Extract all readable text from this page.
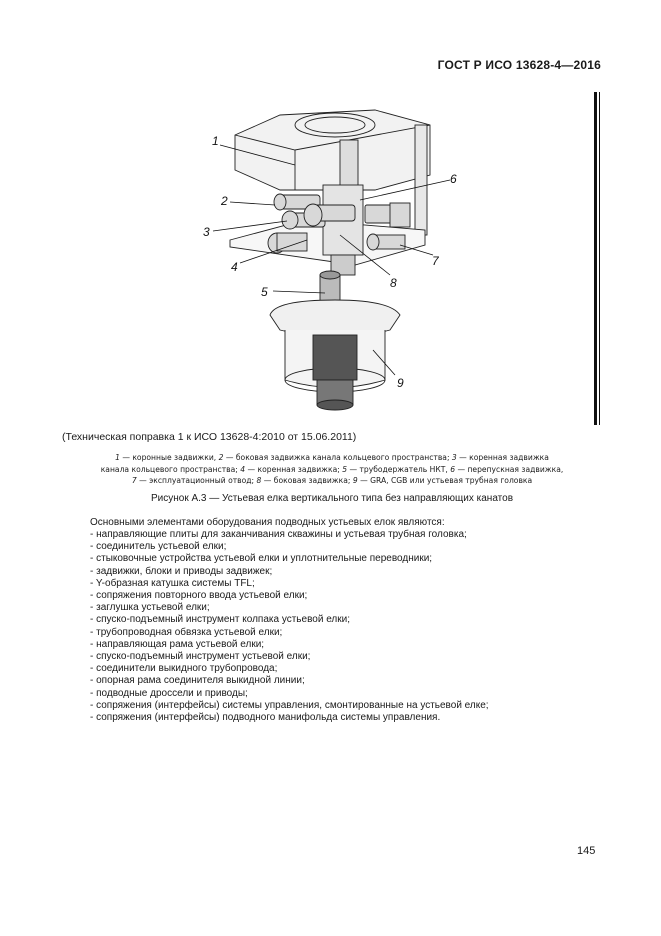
ГОСТ Р ИСО 13628-4—2016
1
2
3
4
5
6
7
8
9
(Техническая поправка 1 к ИСО 13628-4:2010 от 15.06.2011)
1 — коронные задвижки, 2 — боковая задвижка канала кольцевого пространства; 3 — коренная задвижка
канала кольцевого пространства; 4 — коренная задвижка; 5 — трубодержатель НКТ, 6 — перепускная задвижка,
7 — эксплуатационный отвод; 8 — боковая задвижка; 9 — GRA, CGB или устьевая трубная головка
Рисунок А.3 — Устьевая елка вертикального типа без направляющих канатов
Основными элементами оборудования подводных устьевых елок являются:
- направляющие плиты для заканчивания скважины и устьевая трубная головка;
- соединитель устьевой елки;
- стыковочные устройства устьевой елки и уплотнительные переводники;
- задвижки, блоки и приводы задвижек;
- Y-образная катушка системы TFL;
- сопряжения повторного ввода устьевой елки;
- заглушка устьевой елки;
- спуско-подъемный инструмент колпака устьевой елки;
- трубопроводная обвязка устьевой елки;
- направляющая рама устьевой елки;
- спуско-подъемный инструмент устьевой елки;
- соединители выкидного трубопровода;
- опорная рама соединителя выкидной линии;
- подводные дроссели и приводы;
- сопряжения (интерфейсы) системы управления, смонтированные на устьевой елке;
- сопряжения (интерфейсы) подводного манифольда системы управления.
145
